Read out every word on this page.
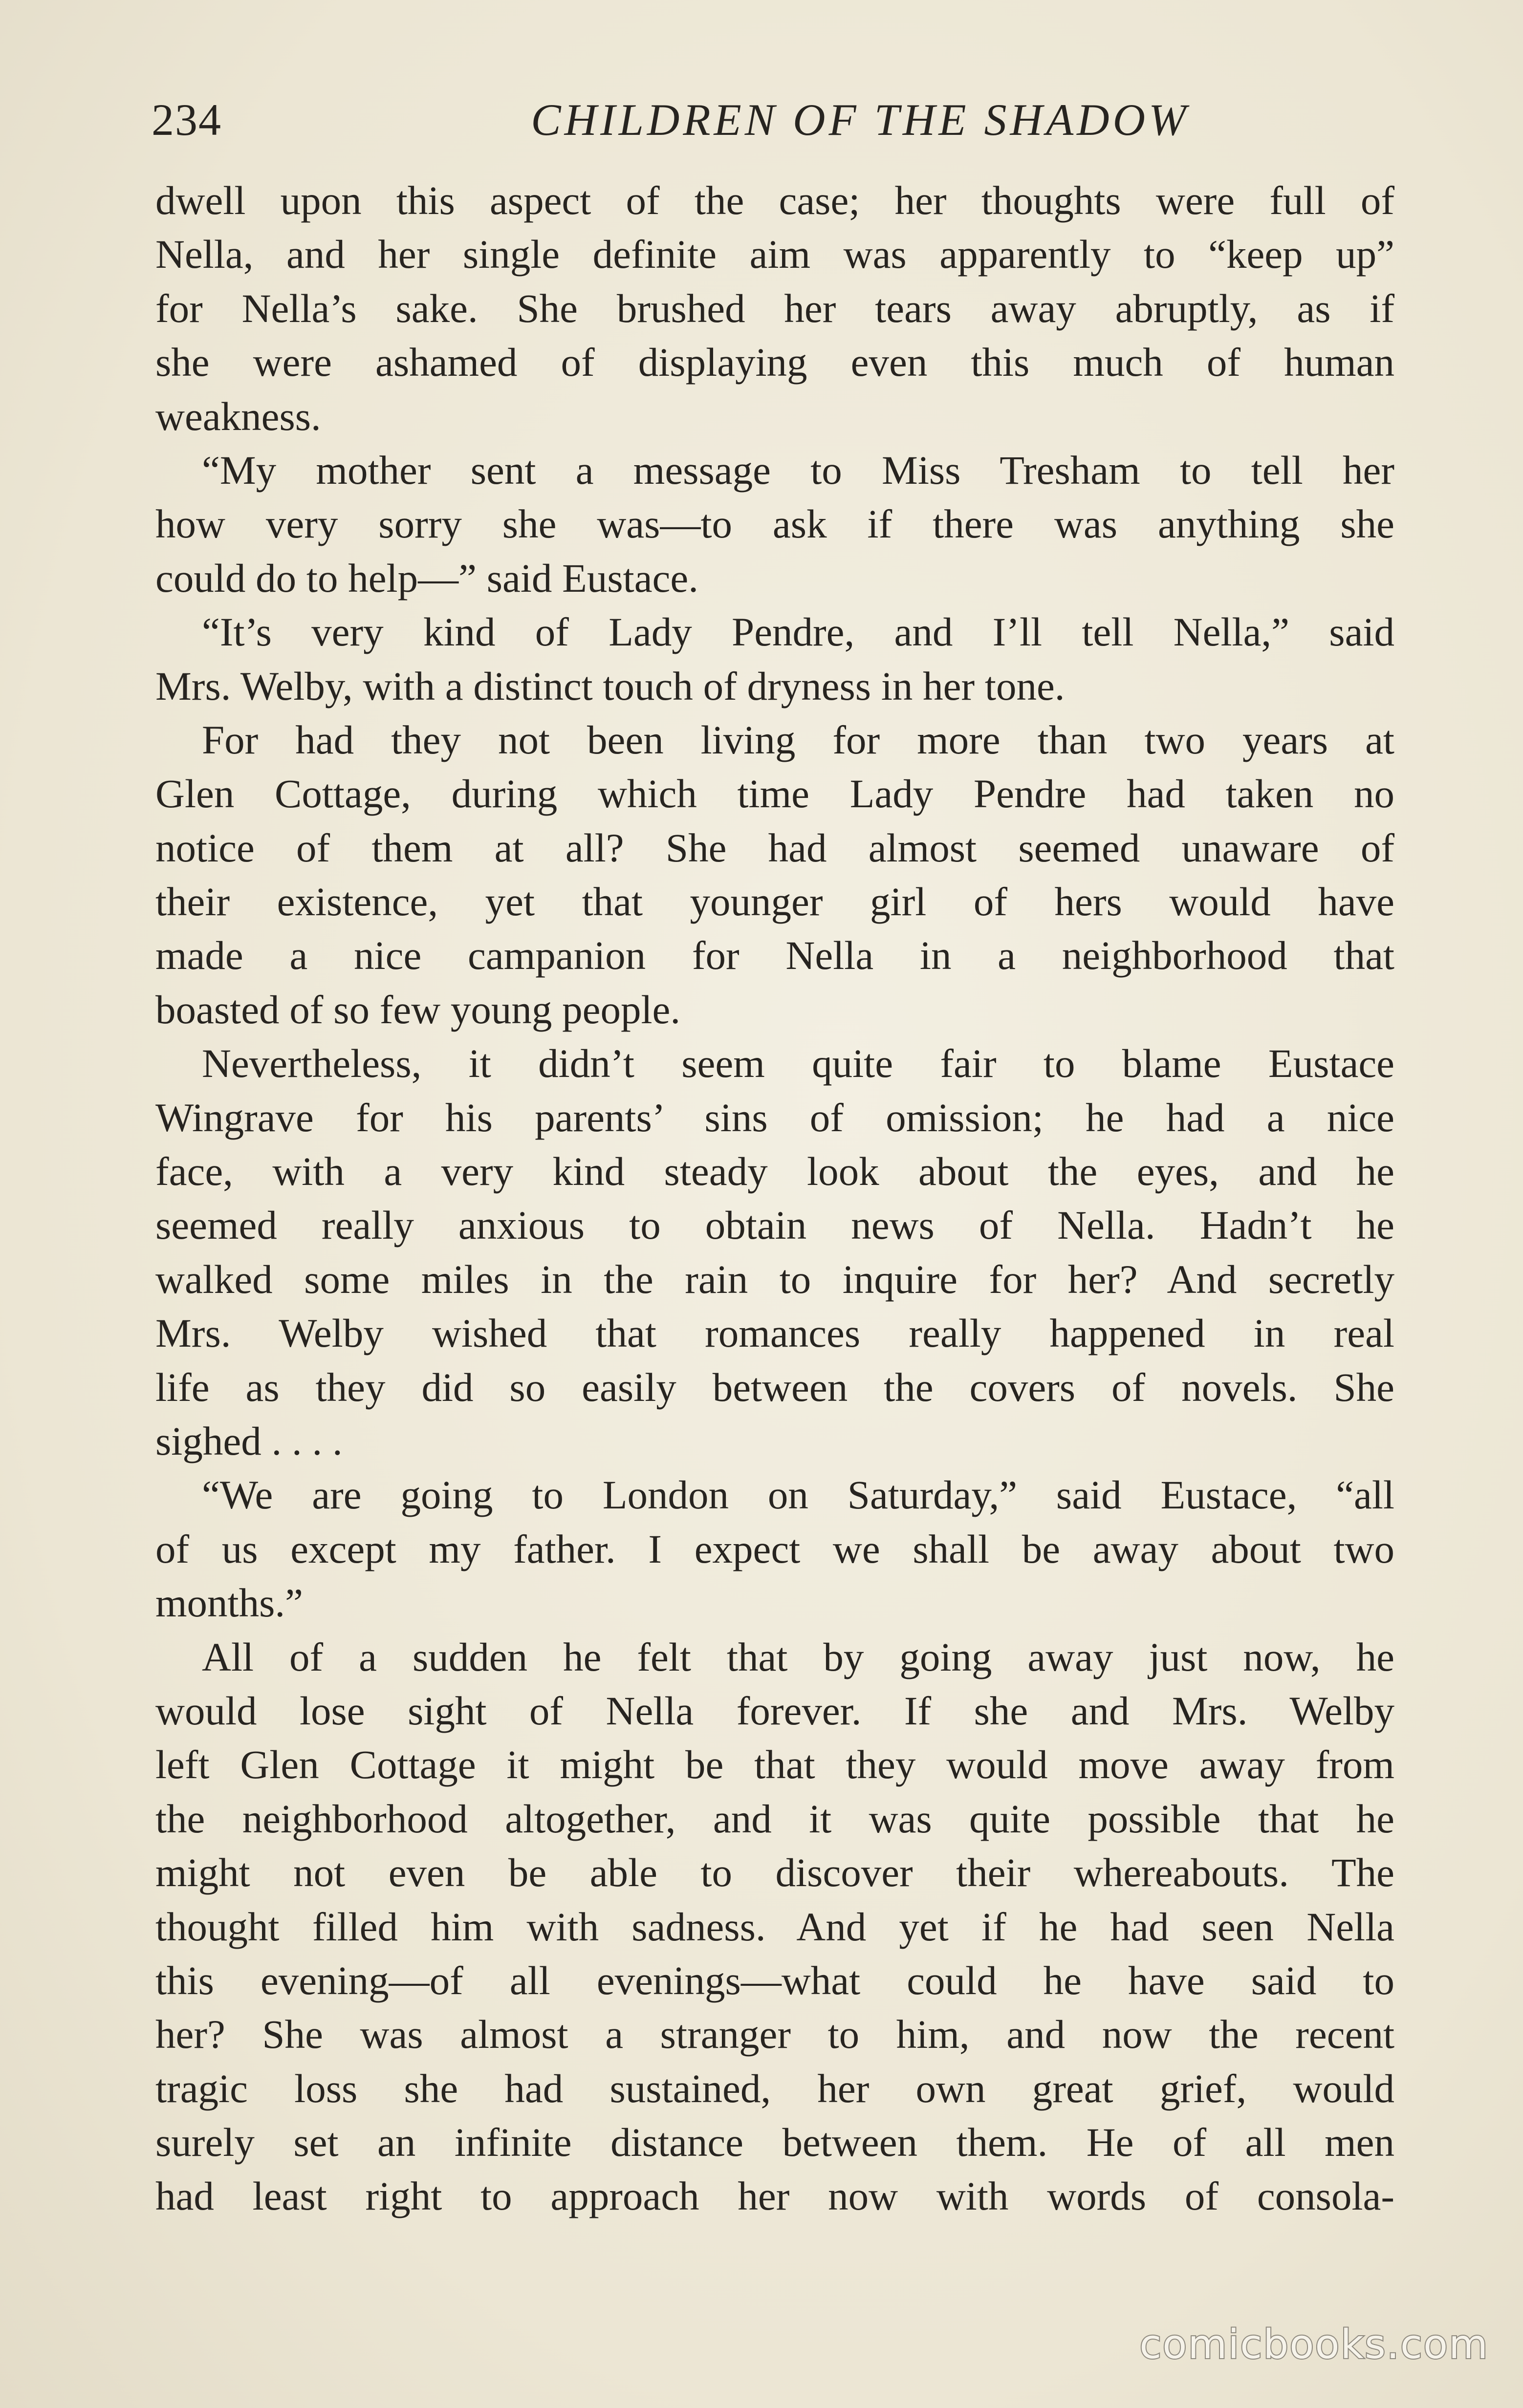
234	CHILDREN OF THE SHADOW
dwell upon this aspect of the case; her thoughts were full of
Nella, and her single definite aim was apparently to “keep up”
for Nella’s sake. She brushed her tears away abruptly, as if
she were ashamed of displaying even this much of human
weakness.
“My mother sent a message to Miss Tresham to tell her
how very sorry she was—to ask if there was anything she
could do to help—” said Eustace.
“It’s very kind of Lady Pendre, and I’ll tell Nella,” said
Mrs. Welby, with a distinct touch of dryness in her tone.
For had they not been living for more than two years at
Glen Cottage, during which time Lady Pendre had taken no
notice of them at all? She had almost seemed unaware of
their existence, yet that younger girl of hers would have
made a nice campanion for Nella in a neighborhood that
boasted of so few young people.
Nevertheless, it didn’t seem quite fair to blame Eustace
Wingrave for his parents’ sins of omission; he had a nice
face, with a very kind steady look about the eyes, and he
seemed really anxious to obtain news of Nella. Hadn’t he
walked some miles in the rain to inquire for her? And secretly
Mrs. Welby wished that romances really happened in real
life as they did so easily between the covers of novels. She
sighed . . . .
“We are going to London on Saturday,” said Eustace, “all
of us except my father. I expect we shall be away about two
months.”
All of a sudden he felt that by going away just now, he
would lose sight of Nella forever. If she and Mrs. Welby
left Glen Cottage it might be that they would move away from
the neighborhood altogether, and it was quite possible that he
might not even be able to discover their whereabouts. The
thought filled him with sadness. And yet if he had seen Nella
this evening—of all evenings—what could he have said to
her? She was almost a stranger to him, and now the recent
tragic loss she had sustained, her own great grief, would
surely set an infinite distance between them. He of all men
had least right to approach her now with words of consola-
comicbooks.com
